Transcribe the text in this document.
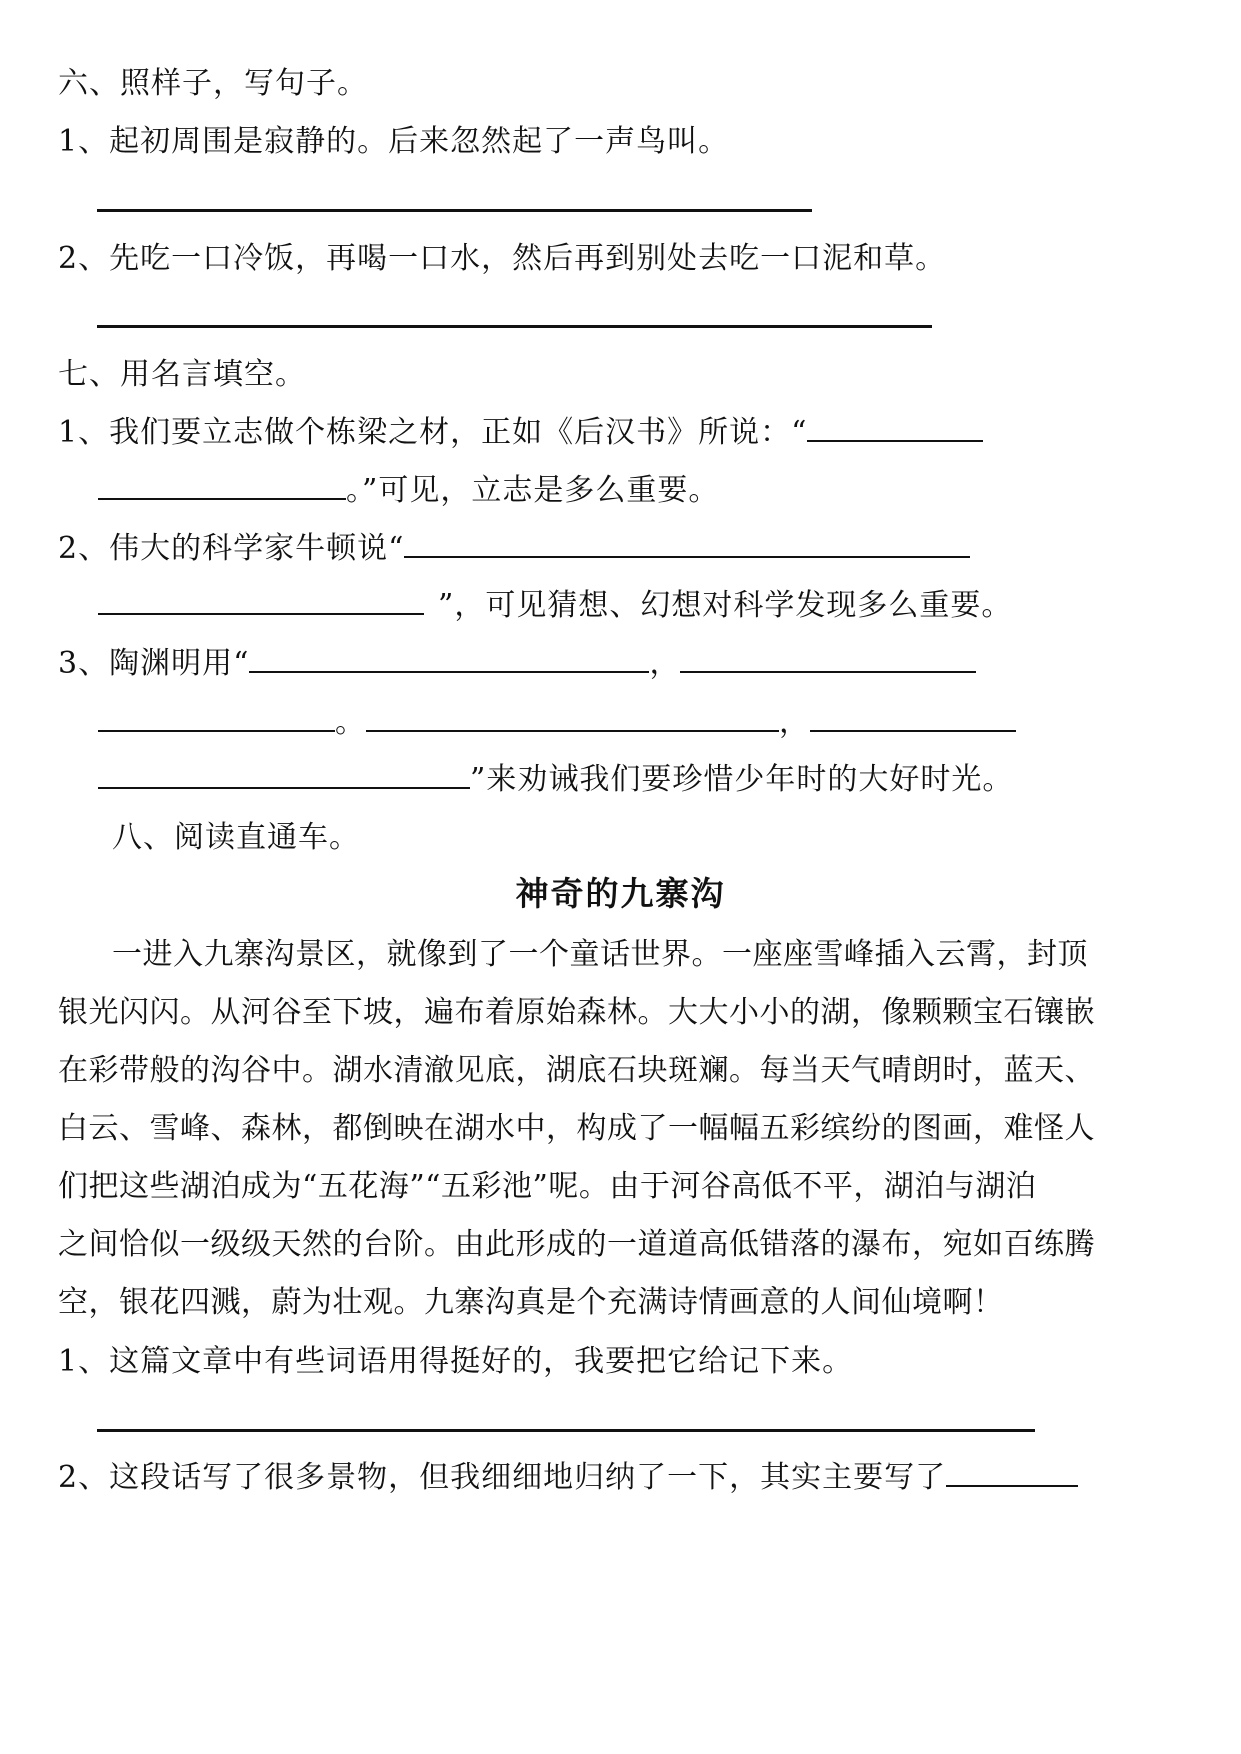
六、照样子，写句子。
1、起初周围是寂静的。后来忽然起了一声鸟叫。
2、先吃一口冷饭，再喝一口水，然后再到别处去吃一口泥和草。
七、用名言填空。
1、我们要立志做个栋梁之材，正如《后汉书》所说：“
。”可见，立志是多么重要。
2、伟大的科学家牛顿说“
”，可见猜想、幻想对科学发现多么重要。
3、陶渊明用“	，
。	，
”来劝诫我们要珍惜少年时的大好时光。
八、阅读直通车。
神奇的九寨沟
一进入九寨沟景区，就像到了一个童话世界。一座座雪峰插入云霄，封顶
银光闪闪。从河谷至下坡，遍布着原始森林。大大小小的湖，像颗颗宝石镶嵌
在彩带般的沟谷中。湖水清澈见底，湖底石块斑斓。每当天气晴朗时，蓝天、
白云、雪峰、森林，都倒映在湖水中，构成了一幅幅五彩缤纷的图画，难怪人
们把这些湖泊成为“五花海”“五彩池”呢。由于河谷高低不平，湖泊与湖泊
之间恰似一级级天然的台阶。由此形成的一道道高低错落的瀑布，宛如百练腾
空，银花四溅，蔚为壮观。九寨沟真是个充满诗情画意的人间仙境啊！
1、这篇文章中有些词语用得挺好的，我要把它给记下来。
2、这段话写了很多景物，但我细细地归纳了一下，其实主要写了
